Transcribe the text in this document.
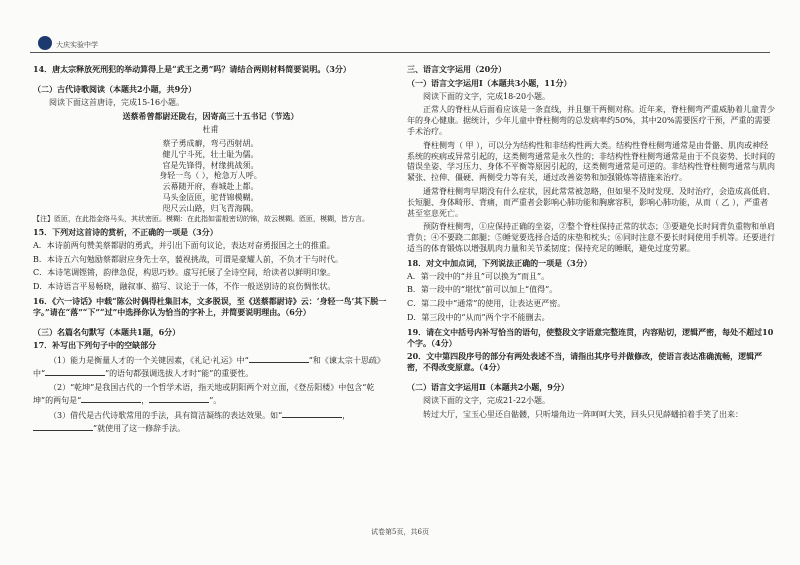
大庆实验中学
14．唐太宗释放死刑犯的举动算得上是“武王之勇”吗？请结合两则材料简要说明。（3分）
（二）古代诗歌阅读（本题共2小题，共9分）
阅读下面这首唐诗，完成15-16小题。
送蔡希曾都尉还陇右，因寄高三十五书记（节选）
杜甫
蔡子勇成癖，弯弓西射胡。
健儿宁斗死，壮士耻为儒。
官是先锋得，材缘挑战须。
身轻一鸟（ ），枪急万人呼。
云幕随开府，春城赴上都。
马头金匼匝，驼背锦模糊。
咫尺云山路，归飞青海隅。
【注】匼匝，在此指金络马头，其状密匝。模糊：在此指如雷般密切的锦，故云模糊。匼匝，模糊，皆方言。
15．下列对这首诗的赏析，不正确的一项是（3分）
A．本诗前两句赞美蔡都尉的勇武，并引出下面句议论，表达对奋勇报国之士的推重。
B．本诗五六句勉励蔡都尉应身先士卒，藐视挑战，可谓是豪耀人前，不负才干与时代。
C．本诗笔调铿锵，韵律急促，构思巧妙。虚写托展了全诗空间，给读者以鲜明印象。
D．本诗语言平易畅晓，融叙事、描写、议论于一体，不作一般送别诗的哀伤惆怅状。
16．《六一诗话》中载“陈公时偶得杜集旧本，文多脱误，至《送蔡都尉诗》云：‘身轻一鸟’其下脱一字。”请在“落”“下”“过”中选择你认为恰当的字补上，并简要说明理由。（6分）
（三）名篇名句默写（本题共1题，6分）
17．补写出下列句子中的空缺部分
（1）能力是衡量人才的一个关键因素，《礼记·礼运》中“	”和《谏太宗十思疏》中“	”的语句都强调选拔人才时“能”的重要性。
（2）“乾坤”是我国古代的一个哲学术语，指天地或阴阳两个对立面，《登岳阳楼》中包含“乾坤”的两句是“	，	”。
（3）借代是古代诗歌常用的手法，具有简洁凝练的表达效果。如“	，”就使用了这一修辞手法。
三、语言文字运用（20分）
（一）语言文字运用Ⅰ（本题共3小题，11分）
阅读下面的文字，完成18-20小题。
正常人的脊柱从后面看应该是一条直线，并且躯干两侧对称。近年来，脊柱侧弯严重威胁着儿童青少年的身心健康。据统计，少年儿童中脊柱侧弯的总发病率约50%，其中20%需要医疗干预，严重的需要手术治疗。
脊柱侧弯（ 甲 ），可以分为结构性和非结构性两大类。结构性脊柱侧弯通常是由骨骼、肌肉或神经系统的疾病或异常引起的，这类侧弯通常是永久性的；非结构性脊柱侧弯通常是由于不良姿势、长时间的错误坐姿、学习压力、身体不平衡等原因引起的，这类侧弯通常是可逆的。非结构性脊柱侧弯通常与肌肉紧张、拉伸、僵硬、两侧受力等有关，通过改善姿势和加强锻炼等措施来治疗。
通常脊柱侧弯早期没有什么症状，因此常常被忽略，但如果不及时发现、及时治疗，会造成高低肩、长短腿、身体畸形、背痛，而严重者会影响心肺功能和胸廓容积，影响心肺功能，从而（ 乙 ），严重者甚至室息死亡。
预防脊柱侧弯，①应保持正确的坐姿，②整个脊柱保持正常的状态；③要避免长时间背负重物和单肩背负；④不要跷二郎腿；⑤睡觉要选择合适的床垫和枕头；⑥同时注意不要长时间使用手机等。还要进行适当的体育锻炼以增强肌肉力量和关节柔韧度；保持充足的睡眠，避免过度劳累。
18．对文中加点词，下列说法正确的一项是（3分）
A．第一段中的“并且”可以换为“而且”。
B．第一段中的“堪忧”前可以加上“值得”。
C．第二段中“通常”的使用，让表达更严密。
D．第三段中的“从而”两个字不能删去。
19．请在文中括号内补写恰当的语句，使整段文字语意完整连贯，内容贴切，逻辑严密，每处不超过10个字。（4分）
20．文中第四段序号的部分有两处表述不当，请指出其序号并做修改，使语言表达准确流畅，逻辑严密，不得改变原意。（4分）
（二）语言文字运用Ⅱ（本题共2小题，9分）
阅读下面的文字，完成21-22小题。
转过大厅，宝玉心里还自骷髅，只听墙角边一阵呵呵大笑，回头只见薛蟠拍着手笑了出来：
试卷第5页，共6页
